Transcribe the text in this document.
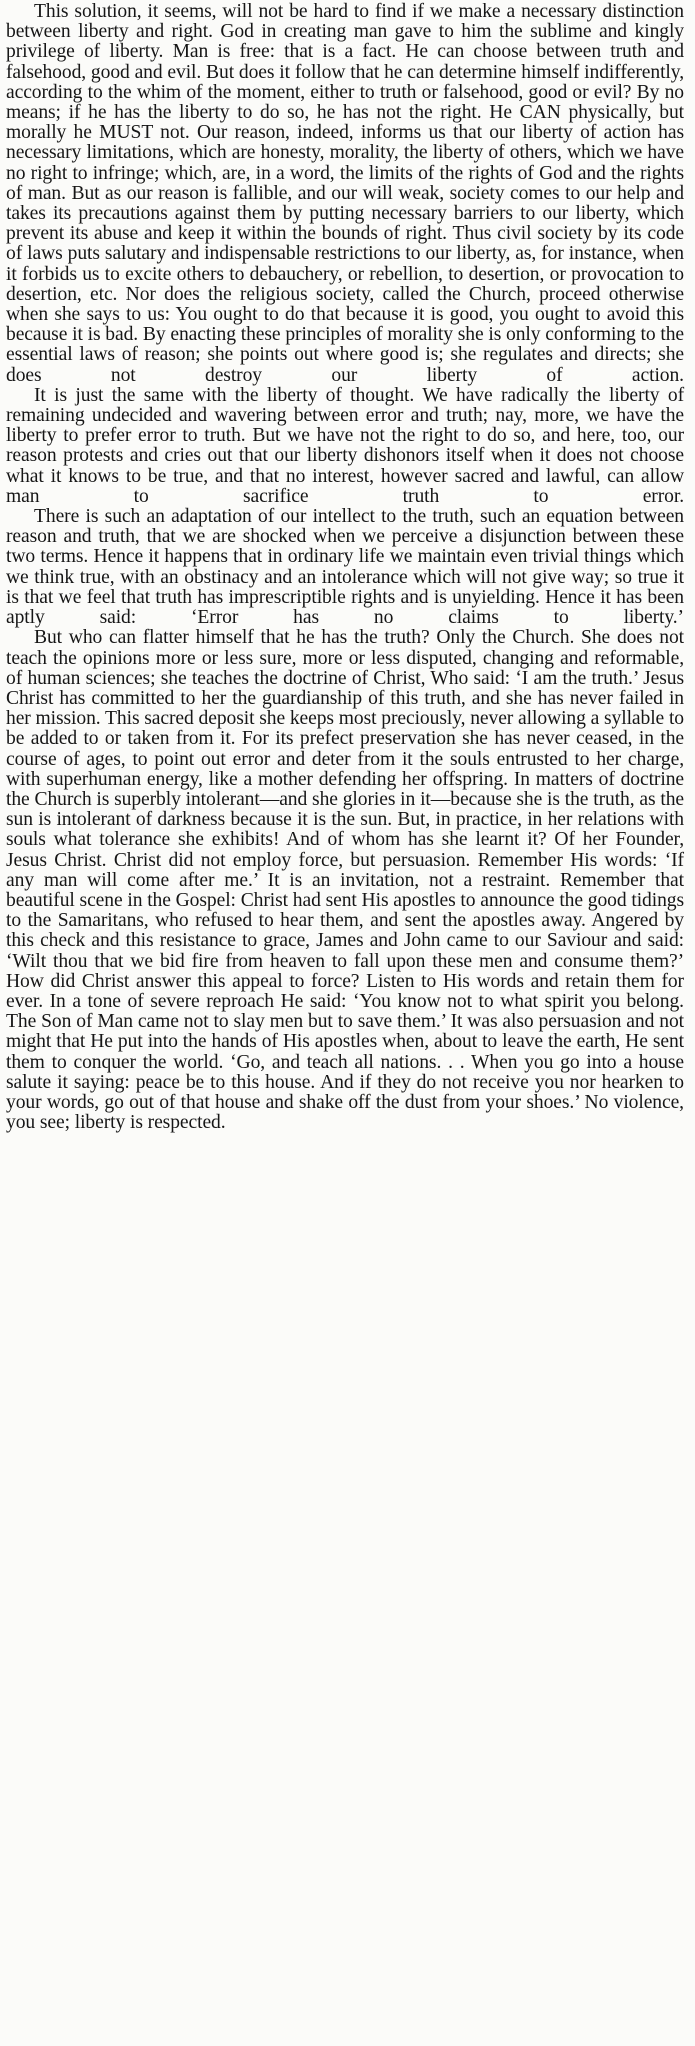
This solution, it seems, will not be hard to find if we make a necessary distinction between liberty and right. God in creating man gave to him the sublime and kingly privilege of liberty. Man is free: that is a fact. He can choose between truth and falsehood, good and evil. But does it follow that he can determine himself indifferently, according to the whim of the moment, either to truth or falsehood, good or evil? By no means; if he has the liberty to do so, he has not the right. He CAN physically, but morally he MUST not. Our reason, indeed, informs us that our liberty of action has necessary limitations, which are honesty, morality, the liberty of others, which we have no right to infringe; which, are, in a word, the limits of the rights of God and the rights of man. But as our reason is fallible, and our will weak, society comes to our help and takes its precautions against them by putting necessary barriers to our liberty, which prevent its abuse and keep it within the bounds of right. Thus civil society by its code of laws puts salutary and indispensable restrictions to our liberty, as, for instance, when it forbids us to excite others to debauchery, or rebellion, to desertion, or provocation to desertion, etc. Nor does the religious society, called the Church, proceed otherwise when she says to us: You ought to do that because it is good, you ought to avoid this because it is bad. By enacting these principles of morality she is only conforming to the essential laws of reason; she points out where good is; she regulates and directs; she does not destroy our liberty of action.

It is just the same with the liberty of thought. We have radically the liberty of remaining undecided and wavering between error and truth; nay, more, we have the liberty to prefer error to truth. But we have not the right to do so, and here, too, our reason protests and cries out that our liberty dishonors itself when it does not choose what it knows to be true, and that no interest, however sacred and lawful, can allow man to sacrifice truth to error.

There is such an adaptation of our intellect to the truth, such an equation between reason and truth, that we are shocked when we perceive a disjunction between these two terms. Hence it happens that in ordinary life we maintain even trivial things which we think true, with an obstinacy and an intolerance which will not give way; so true it is that we feel that truth has imprescriptible rights and is unyielding. Hence it has been aptly said: ‘Error has no claims to liberty.’

But who can flatter himself that he has the truth? Only the Church. She does not teach the opinions more or less sure, more or less disputed, changing and reformable, of human sciences; she teaches the doctrine of Christ, Who said: ‘I am the truth.’ Jesus Christ has committed to her the guardianship of this truth, and she has never failed in her mission. This sacred deposit she keeps most preciously, never allowing a syllable to be added to or taken from it. For its prefect preservation she has never ceased, in the course of ages, to point out error and deter from it the souls entrusted to her charge, with superhuman energy, like a mother defending her offspring. In matters of doctrine the Church is superbly intolerant—and she glories in it—because she is the truth, as the sun is intolerant of darkness because it is the sun. But, in practice, in her relations with souls what tolerance she exhibits! And of whom has she learnt it? Of her Founder, Jesus Christ. Christ did not employ force, but persuasion. Remember His words: ‘If any man will come after me.’ It is an invitation, not a restraint. Remember that beautiful scene in the Gospel: Christ had sent His apostles to announce the good tidings to the Samaritans, who refused to hear them, and sent the apostles away. Angered by this check and this resistance to grace, James and John came to our Saviour and said: ‘Wilt thou that we bid fire from heaven to fall upon these men and consume them?’ How did Christ answer this appeal to force? Listen to His words and retain them for ever. In a tone of severe reproach He said: ‘You know not to what spirit you belong. The Son of Man came not to slay men but to save them.’ It was also persuasion and not might that He put into the hands of His apostles when, about to leave the earth, He sent them to conquer the world. ‘Go, and teach all nations. . . When you go into a house salute it saying: peace be to this house. And if they do not receive you nor hearken to your words, go out of that house and shake off the dust from your shoes.’ No violence, you see; liberty is respected.
